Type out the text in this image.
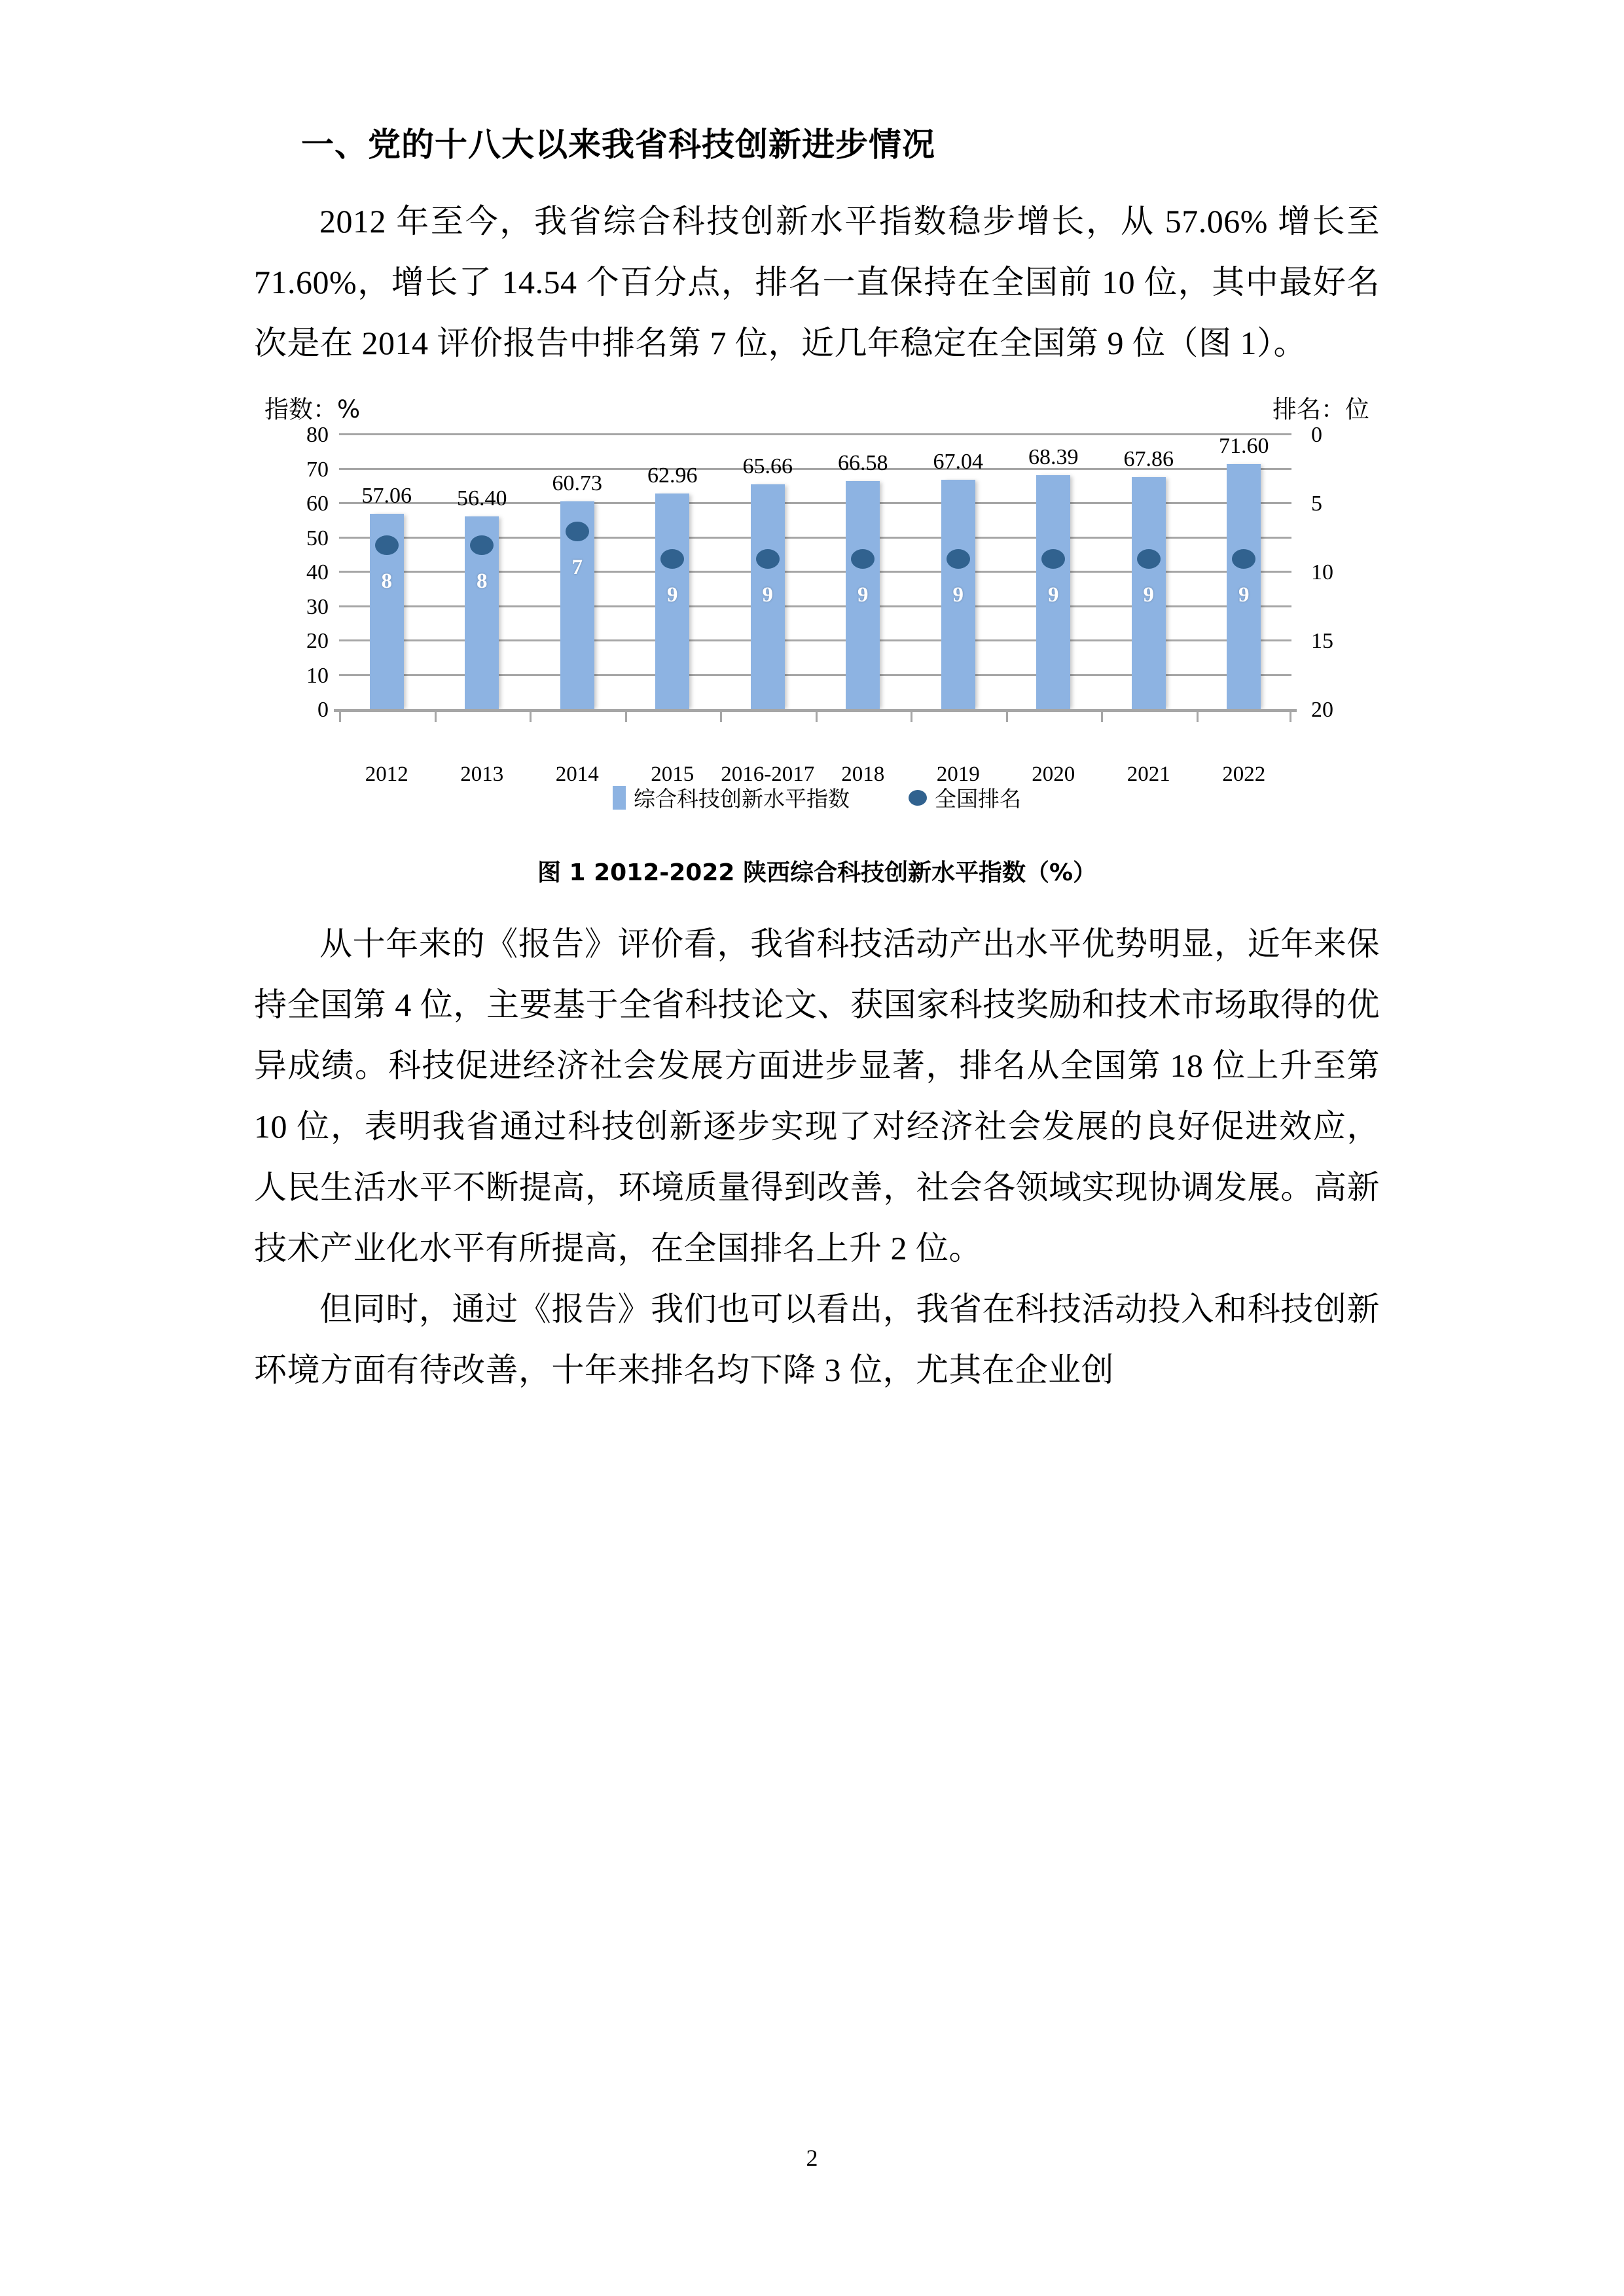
一、党的十八大以来我省科技创新进步情况

2012 年至今，我省综合科技创新水平指数稳步增长，从 57.06% 增长至 71.60%，增长了 14.54 个百分点，排名一直保持在全国前 10 位，其中最好名次是在 2014 评价报告中排名第 7 位，近几年稳定在全国第 9 位（图 1）。

指数：%	排名：位
0
10
20
30
40
50
60
70
80	0
5
10
15
20
57.06
8
56.40
8
60.73
7
62.96
9
65.66
9
66.58
9
67.04
9
68.39
9
67.86
9
71.60
9
2012	2013	2014	2015	2016-2017	2018	2019	2020	2021	2022
综合科技创新水平指数	全国排名

图 1 2012-2022 陕西综合科技创新水平指数（%）

从十年来的《报告》评价看，我省科技活动产出水平优势明显，近年来保持全国第 4 位，主要基于全省科技论文、获国家科技奖励和技术市场取得的优异成绩。科技促进经济社会发展方面进步显著，排名从全国第 18 位上升至第 10 位，表明我省通过科技创新逐步实现了对经济社会发展的良好促进效应，人民生活水平不断提高，环境质量得到改善，社会各领域实现协调发展。高新技术产业化水平有所提高，在全国排名上升 2 位。

但同时，通过《报告》我们也可以看出，我省在科技活动投入和科技创新环境方面有待改善，十年来排名均下降 3 位，尤其在企业创

2
